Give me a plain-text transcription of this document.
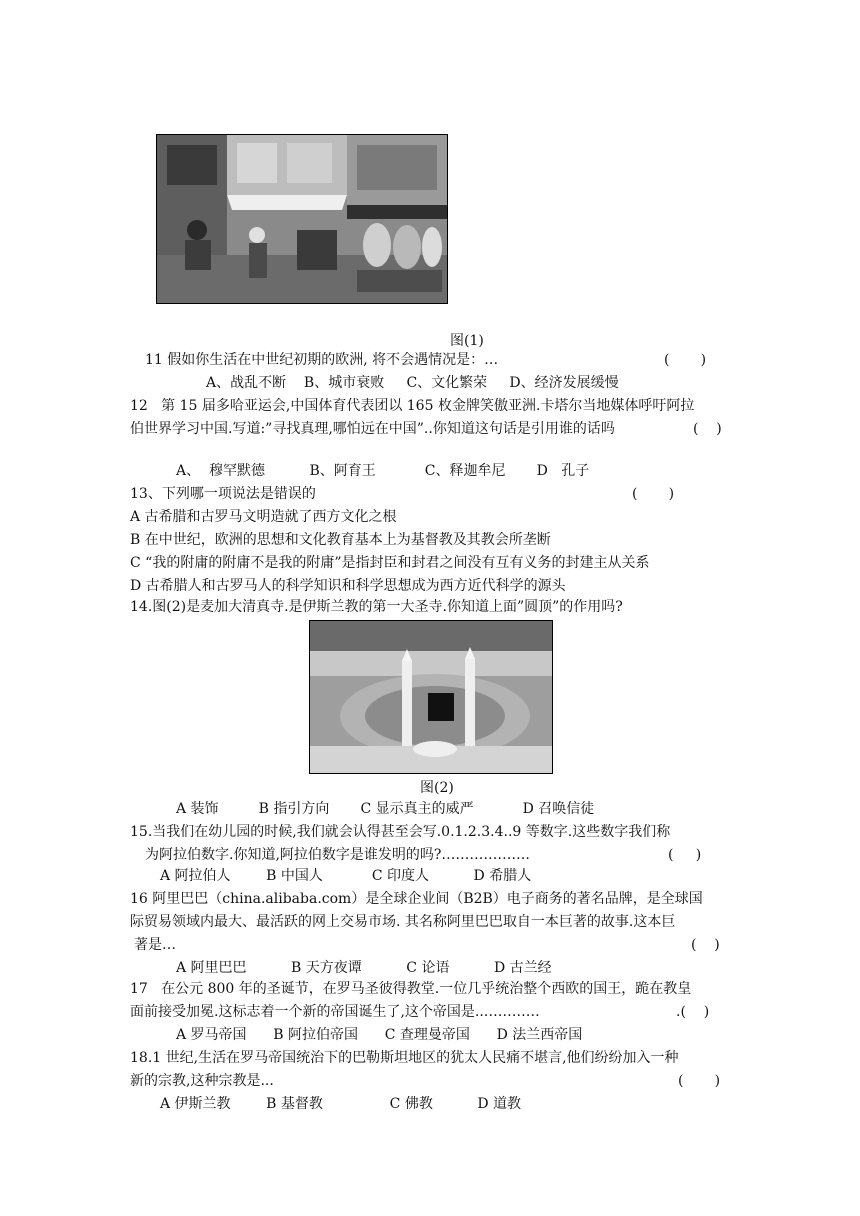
图(1)
11 假如你生活在中世纪初期的欧洲, 将不会遇情况是：…	(       )
A、战乱不断    B、城市衰败     C、文化繁荣     D、经济发展缓慢
12   第 15 届多哈亚运会,中国体育代表团以 165 枚金牌笑傲亚洲.卡塔尔当地媒体呼吁阿拉
伯世界学习中国.写道:”寻找真理,哪怕远在中国”..你知道这句话是引用谁的话吗	(    )
A、  穆罕默德          B、阿育王           C、释迦牟尼       D   孔子
13、下列哪一项说法是错误的	(       )
A 古希腊和古罗马文明造就了西方文化之根
B 在中世纪，欧洲的思想和文化教育基本上为基督教及其教会所垄断
C “我的附庸的附庸不是我的附庸”是指封臣和封君之间没有互有义务的封建主从关系
D 古希腊人和古罗马人的科学知识和科学思想成为西方近代科学的源头
14.图(2)是麦加大清真寺.是伊斯兰教的第一大圣寺.你知道上面”圆顶”的作用吗?
图(2)
A 装饰         B 指引方向       C 显示真主的威严           D 召唤信徒
15.当我们在幼儿园的时候,我们就会认得甚至会写.0.1.2.3.4..9 等数字.这些数字我们称
为阿拉伯数字.你知道,阿拉伯数字是谁发明的吗?……………….	(     )
A 阿拉伯人        B 中国人           C 印度人          D 希腊人
16 阿里巴巴（china.alibaba.com）是全球企业间（B2B）电子商务的著名品牌，是全球国
际贸易领域内最大、最活跃的网上交易市场. 其名称阿里巴巴取自一本巨著的故事.这本巨
著是…	(    )
A 阿里巴巴          B 天方夜谭          C 论语          D 古兰经
17   在公元 800 年的圣诞节，在罗马圣彼得教堂.一位几乎统治整个西欧的国王，跪在教皇
面前接受加冕.这标志着一个新的帝国诞生了,这个帝国是..…………	.(    )
A 罗马帝国      B 阿拉伯帝国      C 查理曼帝国      D 法兰西帝国
18.1 世纪,生活在罗马帝国统治下的巴勒斯坦地区的犹太人民痛不堪言,他们纷纷加入一种
新的宗教,这种宗教是...	(       )
A 伊斯兰教        B 基督教               C 佛教          D 道教
